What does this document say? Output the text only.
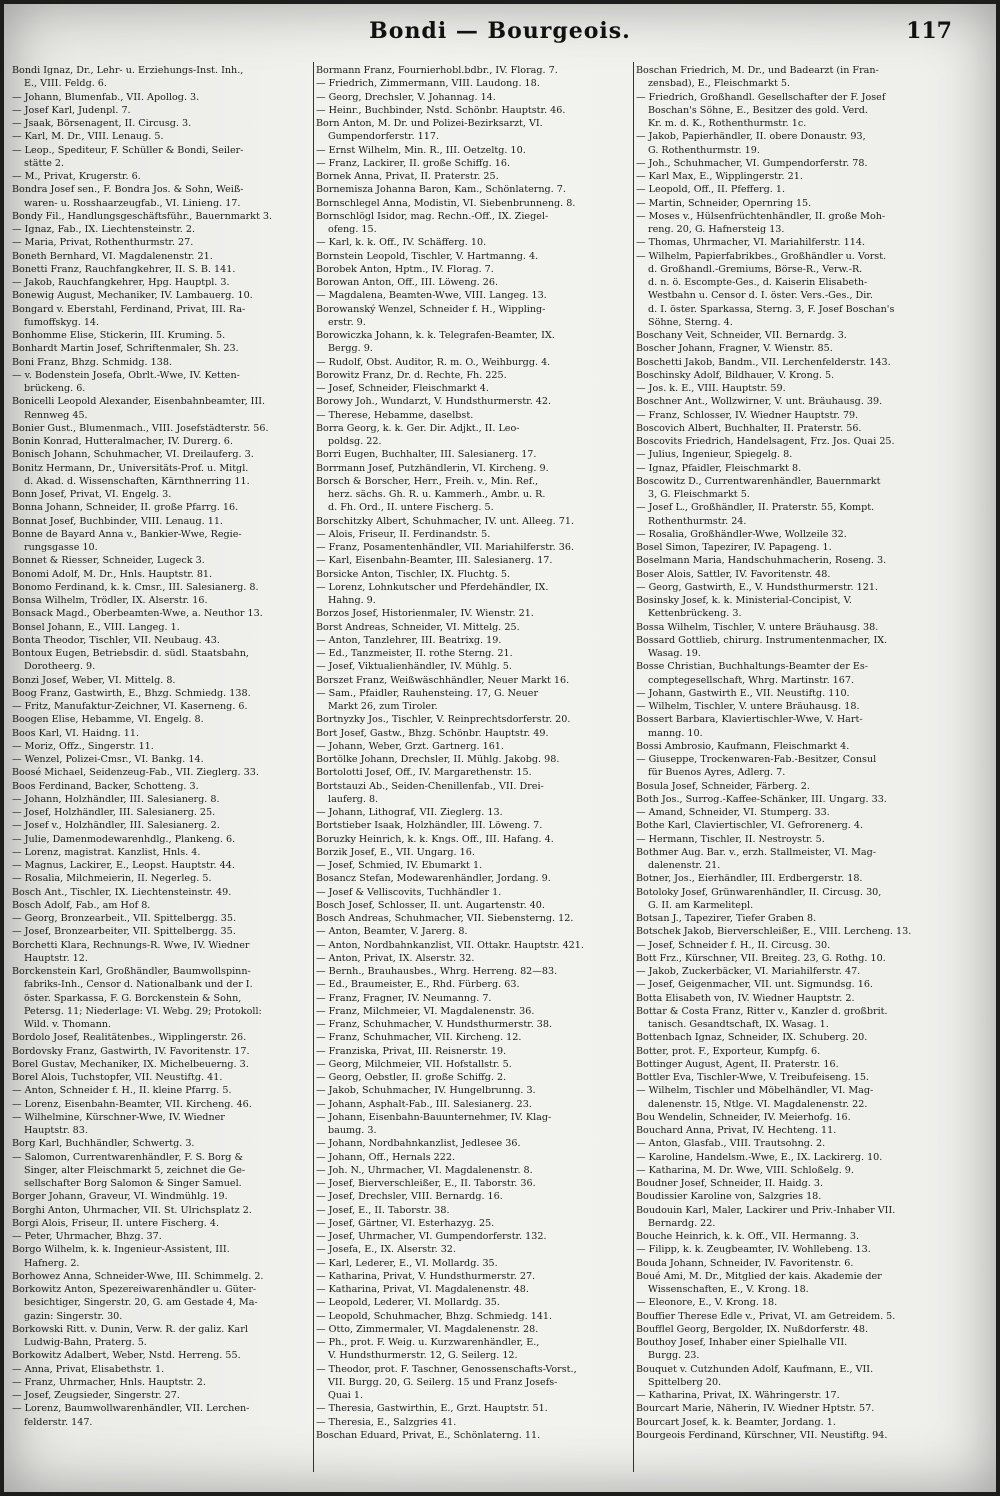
Bondi — Bourgeois.	117
Bondi Ignaz, Dr., Lehr- u. Erziehungs-Inst. Inh.,
E., VIII. Feldg. 6.
— Johann, Blumenfab., VII. Apollog. 3.
— Josef Karl, Judenpl. 7.
— Jsaak, Börsenagent, II. Circusg. 3.
— Karl, M. Dr., VIII. Lenaug. 5.
— Leop., Spediteur, F. Schüller & Bondi, Seiler-
stätte 2.
— M., Privat, Krugerstr. 6.
Bondra Josef sen., F. Bondra Jos. & Sohn, Weiß-
waren- u. Rosshaarzeugfab., VI. Linieng. 17.
Bondy Fil., Handlungsgeschäftsführ., Bauernmarkt 3.
— Ignaz, Fab., IX. Liechtensteinstr. 2.
— Maria, Privat, Rothenthurmstr. 27.
Boneth Bernhard, VI. Magdalenenstr. 21.
Bonetti Franz, Rauchfangkehrer, II. S. B. 141.
— Jakob, Rauchfangkehrer, Hpg. Hauptpl. 3.
Bonewig August, Mechaniker, IV. Lambauerg. 10.
Bongard v. Eberstahl, Ferdinand, Privat, III. Ra-
fumoffskyg. 14.
Bonhomme Elise, Stickerin, III. Kruming. 5.
Bonhardt Martin Josef, Schriftenmaler, Sh. 23.
Boni Franz, Bhzg. Schmidg. 138.
— v. Bodenstein Josefa, Obrlt.-Wwe, IV. Ketten-
brückeng. 6.
Bonicelli Leopold Alexander, Eisenbahnbeamter, III.
Rennweg 45.
Bonier Gust., Blumenmach., VIII. Josefstädterstr. 56.
Bonin Konrad, Hutteralmacher, IV. Durerg. 6.
Bonisch Johann, Schuhmacher, VI. Dreilauferg. 3.
Bonitz Hermann, Dr., Universitäts-Prof. u. Mitgl.
d. Akad. d. Wissenschaften, Kärnthnerring 11.
Bonn Josef, Privat, VI. Engelg. 3.
Bonna Johann, Schneider, II. große Pfarrg. 16.
Bonnat Josef, Buchbinder, VIII. Lenaug. 11.
Bonne de Bayard Anna v., Bankier-Wwe, Regie-
rungsgasse 10.
Bonnet & Riesser, Schneider, Lugeck 3.
Bonomi Adolf, M. Dr., Hnls. Hauptstr. 81.
Bonomo Ferdinand, k. k. Cmsr., III. Salesianerg. 8.
Bonsa Wilhelm, Trödler, IX. Alserstr. 16.
Bonsack Magd., Oberbeamten-Wwe, a. Neuthor 13.
Bonsel Johann, E., VIII. Langeg. 1.
Bonta Theodor, Tischler, VII. Neubaug. 43.
Bontoux Eugen, Betriebsdir. d. südl. Staatsbahn,
Dorotheerg. 9.
Bonzi Josef, Weber, VI. Mittelg. 8.
Boog Franz, Gastwirth, E., Bhzg. Schmiedg. 138.
— Fritz, Manufaktur-Zeichner, VI. Kaserneng. 6.
Boogen Elise, Hebamme, VI. Engelg. 8.
Boos Karl, VI. Haidng. 11.
— Moriz, Offz., Singerstr. 11.
— Wenzel, Polizei-Cmsr., VI. Bankg. 14.
Boosé Michael, Seidenzeug-Fab., VII. Zieglerg. 33.
Boos Ferdinand, Backer, Schotteng. 3.
— Johann, Holzhändler, III. Salesianerg. 8.
— Josef, Holzhändler, III. Salesianerg. 25.
— Josef v., Holzhändler, III. Salesianerg. 2.
— Julie, Damenmodewarenhdlg., Plankeng. 6.
— Lorenz, magistrat. Kanzlist, Hnls. 4.
— Magnus, Lackirer, E., Leopst. Hauptstr. 44.
— Rosalia, Milchmeierin, II. Negerleg. 5.
Bosch Ant., Tischler, IX. Liechtensteinstr. 49.
Bosch Adolf, Fab., am Hof 8.
— Georg, Bronzearbeit., VII. Spittelbergg. 35.
— Josef, Bronzearbeiter, VII. Spittelbergg. 35.
Borchetti Klara, Rechnungs-R. Wwe, IV. Wiedner
Hauptstr. 12.
Borckenstein Karl, Großhändler, Baumwollspinn-
fabriks-Inh., Censor d. Nationalbank und der I.
öster. Sparkassa, F. G. Borckenstein & Sohn,
Petersg. 11; Niederlage: VI. Webg. 29; Protokoll:
Wild. v. Thomann.
Bordolo Josef, Realitätenbes., Wipplingerstr. 26.
Bordovsky Franz, Gastwirth, IV. Favoritenstr. 17.
Borel Gustav, Mechaniker, IX. Michelbeuerng. 3.
Borel Alois, Tuchstopfer, VII. Neustiftg. 41.
— Anton, Schneider f. H., II. kleine Pfarrg. 5.
— Lorenz, Eisenbahn-Beamter, VII. Kircheng. 46.
— Wilhelmine, Kürschner-Wwe, IV. Wiedner
Hauptstr. 83.
Borg Karl, Buchhändler, Schwertg. 3.
— Salomon, Currentwarenhändler, F. S. Borg &
Singer, alter Fleischmarkt 5, zeichnet die Ge-
sellschafter Borg Salomon & Singer Samuel.
Borger Johann, Graveur, VI. Windmühlg. 19.
Borghi Anton, Uhrmacher, VII. St. Ulrichsplatz 2.
Borgi Alois, Friseur, II. untere Fischerg. 4.
— Peter, Uhrmacher, Bhzg. 37.
Borgo Wilhelm, k. k. Ingenieur-Assistent, III.
Hafnerg. 2.
Borhowez Anna, Schneider-Wwe, III. Schimmelg. 2.
Borkowitz Anton, Spezereiwarenhändler u. Güter-
besichtiger, Singerstr. 20, G. am Gestade 4, Ma-
gazin: Singerstr. 30.
Borkowski Ritt. v. Dunin, Verw. R. der galiz. Karl
Ludwig-Bahn, Praterg. 5.
Borkowitz Adalbert, Weber, Nstd. Herreng. 55.
— Anna, Privat, Elisabethstr. 1.
— Franz, Uhrmacher, Hnls. Hauptstr. 2.
— Josef, Zeugsieder, Singerstr. 27.
— Lorenz, Baumwollwarenhändler, VII. Lerchen-
felderstr. 147.
Bormann Franz, Fournierhobl.bdbr., IV. Florag. 7.
— Friedrich, Zimmermann, VIII. Laudong. 18.
— Georg, Drechsler, V. Johannag. 14.
— Heinr., Buchbinder, Nstd. Schönbr. Hauptstr. 46.
Born Anton, M. Dr. und Polizei-Bezirksarzt, VI.
Gumpendorferstr. 117.
— Ernst Wilhelm, Min. R., III. Oetzeltg. 10.
— Franz, Lackirer, II. große Schiffg. 16.
Bornek Anna, Privat, II. Praterstr. 25.
Bornemisza Johanna Baron, Kam., Schönlaterng. 7.
Bornschlegel Anna, Modistin, VI. Siebenbrunneng. 8.
Bornschlögl Isidor, mag. Rechn.-Off., IX. Ziegel-
ofeng. 15.
— Karl, k. k. Off., IV. Schäfferg. 10.
Bornstein Leopold, Tischler, V. Hartmanng. 4.
Borobek Anton, Hptm., IV. Florag. 7.
Borowan Anton, Off., III. Löweng. 26.
— Magdalena, Beamten-Wwe, VIII. Langeg. 13.
Borowanský Wenzel, Schneider f. H., Wippling-
erstr. 9.
Borowiczka Johann, k. k. Telegrafen-Beamter, IX.
Bergg. 9.
— Rudolf, Obst. Auditor, R. m. O., Weihburgg. 4.
Borowitz Franz, Dr. d. Rechte, Fh. 225.
— Josef, Schneider, Fleischmarkt 4.
Borowy Joh., Wundarzt, V. Hundsthurmerstr. 42.
— Therese, Hebamme, daselbst.
Borra Georg, k. k. Ger. Dir. Adjkt., II. Leo-
poldsg. 22.
Borri Eugen, Buchhalter, III. Salesianerg. 17.
Borrmann Josef, Putzhändlerin, VI. Kircheng. 9.
Borsch & Borscher, Herr., Freih. v., Min. Ref.,
herz. sächs. Gh. R. u. Kammerh., Ambr. u. R.
d. Fh. Ord., II. untere Fischerg. 5.
Borschitzky Albert, Schuhmacher, IV. unt. Alleeg. 71.
— Alois, Friseur, II. Ferdinandstr. 5.
— Franz, Posamentenhändler, VII. Mariahilferstr. 36.
— Karl, Eisenbahn-Beamter, III. Salesianerg. 17.
Borsicke Anton, Tischler, IX. Fluchtg. 5.
— Lorenz, Lohnkutscher und Pferdehändler, IX.
Hahng. 9.
Borzos Josef, Historienmaler, IV. Wienstr. 21.
Borst Andreas, Schneider, VI. Mittelg. 25.
— Anton, Tanzlehrer, III. Beatrixg. 19.
— Ed., Tanzmeister, II. rothe Sterng. 21.
— Josef, Viktualienhändler, IV. Mühlg. 5.
Borszet Franz, Weißwäschhändler, Neuer Markt 16.
— Sam., Pfaidler, Rauhensteing. 17, G. Neuer
Markt 26, zum Tiroler.
Bortnyzky Jos., Tischler, V. Reinprechtsdorferstr. 20.
Bort Josef, Gastw., Bhzg. Schönbr. Hauptstr. 49.
— Johann, Weber, Grzt. Gartnerg. 161.
Bortölke Johann, Drechsler, II. Mühlg. Jakobg. 98.
Bortolotti Josef, Off., IV. Margarethenstr. 15.
Bortstauzi Ab., Seiden-Chenillenfab., VII. Drei-
lauferg. 8.
— Johann, Lithograf, VII. Zieglerg. 13.
Bortstieber Isaak, Holzhändler, III. Löweng. 7.
Boruzky Heinrich, k. k. Kngs. Off., III. Hafang. 4.
Borzik Josef, E., VII. Ungarg. 16.
— Josef, Schmied, IV. Ebumarkt 1.
Bosancz Stefan, Modewarenhändler, Jordang. 9.
— Josef & Velliscovits, Tuchhändler 1.
Bosch Josef, Schlosser, II. unt. Augartenstr. 40.
Bosch Andreas, Schuhmacher, VII. Siebensterng. 12.
— Anton, Beamter, V. Jarerg. 8.
— Anton, Nordbahnkanzlist, VII. Ottakr. Hauptstr. 421.
— Anton, Privat, IX. Alserstr. 32.
— Bernh., Brauhausbes., Whrg. Herreng. 82—83.
— Ed., Braumeister, E., Rhd. Fürberg. 63.
— Franz, Fragner, IV. Neumanng. 7.
— Franz, Milchmeier, VI. Magdalenenstr. 36.
— Franz, Schuhmacher, V. Hundsthurmerstr. 38.
— Franz, Schuhmacher, VII. Kircheng. 12.
— Franziska, Privat, III. Reisnerstr. 19.
— Georg, Milchmeier, VII. Hofstallstr. 5.
— Georg, Oebstler, II. große Schiffg. 2.
— Jakob, Schuhmacher, IV. Hungelbrunng. 3.
— Johann, Asphalt-Fab., III. Salesianerg. 23.
— Johann, Eisenbahn-Bauunternehmer, IV. Klag-
baumg. 3.
— Johann, Nordbahnkanzlist, Jedlesee 36.
— Johann, Off., Hernals 222.
— Joh. N., Uhrmacher, VI. Magdalenenstr. 8.
— Josef, Bierverschleißer, E., II. Taborstr. 36.
— Josef, Drechsler, VIII. Bernardg. 16.
— Josef, E., II. Taborstr. 38.
— Josef, Gärtner, VI. Esterhazyg. 25.
— Josef, Uhrmacher, VI. Gumpendorferstr. 132.
— Josefa, E., IX. Alserstr. 32.
— Karl, Lederer, E., VI. Mollardg. 35.
— Katharina, Privat, V. Hundsthurmerstr. 27.
— Katharina, Privat, VI. Magdalenenstr. 48.
— Leopold, Lederer, VI. Mollardg. 35.
— Leopold, Schuhmacher, Bhzg. Schmiedg. 141.
— Otto, Zimmermaler, VI. Magdalenenstr. 28.
— Ph., prot. F. Weig. u. Kurzwarenhändler, E.,
V. Hundsthurmerstr. 12, G. Seilerg. 12.
— Theodor, prot. F. Taschner, Genossenschafts-Vorst.,
VII. Burgg. 20, G. Seilerg. 15 und Franz Josefs-
Quai 1.
— Theresia, Gastwirthin, E., Grzt. Hauptstr. 51.
— Theresia, E., Salzgries 41.
Boschan Eduard, Privat, E., Schönlaterng. 11.
Boschan Friedrich, M. Dr., und Badearzt (in Fran-
zensbad), E., Fleischmarkt 5.
— Friedrich, Großhandl. Gesellschafter der F. Josef
Boschan's Söhne, E., Besitzer des gold. Verd.
Kr. m. d. K., Rothenthurmstr. 1c.
— Jakob, Papierhändler, II. obere Donaustr. 93,
G. Rothenthurmstr. 19.
— Joh., Schuhmacher, VI. Gumpendorferstr. 78.
— Karl Max, E., Wipplingerstr. 21.
— Leopold, Off., II. Pfefferg. 1.
— Martin, Schneider, Opernring 15.
— Moses v., Hülsenfrüchtenhändler, II. große Moh-
reng. 20, G. Hafnersteig 13.
— Thomas, Uhrmacher, VI. Mariahilferstr. 114.
— Wilhelm, Papierfabrikbes., Großhändler u. Vorst.
d. Großhandl.-Gremiums, Börse-R., Verw.-R.
d. n. ö. Escompte-Ges., d. Kaiserin Elisabeth-
Westbahn u. Censor d. I. öster. Vers.-Ges., Dir.
d. I. öster. Sparkassa, Sterng. 3, F. Josef Boschan's
Söhne, Sterng. 4.
Boschany Veit, Schneider, VII. Bernardg. 3.
Boscher Johann, Fragner, V. Wienstr. 85.
Boschetti Jakob, Bandm., VII. Lerchenfelderstr. 143.
Boschinsky Adolf, Bildhauer, V. Krong. 5.
— Jos. k. E., VIII. Hauptstr. 59.
Boschner Ant., Wollzwirner, V. unt. Bräuhausg. 39.
— Franz, Schlosser, IV. Wiedner Hauptstr. 79.
Boscovich Albert, Buchhalter, II. Praterstr. 56.
Boscovits Friedrich, Handelsagent, Frz. Jos. Quai 25.
— Julius, Ingenieur, Spiegelg. 8.
— Ignaz, Pfaidler, Fleischmarkt 8.
Boscowitz D., Currentwarenhändler, Bauernmarkt
3, G. Fleischmarkt 5.
— Josef L., Großhändler, II. Praterstr. 55, Kompt.
Rothenthurmstr. 24.
— Rosalia, Großhändler-Wwe, Wollzeile 32.
Bosel Simon, Tapezirer, IV. Papageng. 1.
Boselmann Maria, Handschuhmacherin, Roseng. 3.
Boser Alois, Sattler, IV. Favoritenstr. 48.
— Georg, Gastwirth, E., V. Hundsthurmerstr. 121.
Bosinsky Josef, k. k. Ministerial-Concipist, V.
Kettenbrückeng. 3.
Bossa Wilhelm, Tischler, V. untere Bräuhausg. 38.
Bossard Gottlieb, chirurg. Instrumentenmacher, IX.
Wasag. 19.
Bosse Christian, Buchhaltungs-Beamter der Es-
comptegesellschaft, Whrg. Martinstr. 167.
— Johann, Gastwirth E., VII. Neustiftg. 110.
— Wilhelm, Tischler, V. untere Bräuhausg. 18.
Bossert Barbara, Klaviertischler-Wwe, V. Hart-
manng. 10.
Bossi Ambrosio, Kaufmann, Fleischmarkt 4.
— Giuseppe, Trockenwaren-Fab.-Besitzer, Consul
für Buenos Ayres, Adlerg. 7.
Bosula Josef, Schneider, Färberg. 2.
Both Jos., Surrog.-Kaffee-Schänker, III. Ungarg. 33.
— Amand, Schneider, VI. Stumperg. 33.
Bothe Karl, Claviertischler, VI. Gefrorenerg. 4.
— Hermann, Tischler, II. Nestroystr. 5.
Bothmer Aug. Bar. v., erzh. Stallmeister, VI. Mag-
dalenenstr. 21.
Botner, Jos., Eierhändler, III. Erdbergerstr. 18.
Botoloky Josef, Grünwarenhändler, II. Circusg. 30,
G. II. am Karmelitepl.
Botsan J., Tapezirer, Tiefer Graben 8.
Botschek Jakob, Bierverschleißer, E., VIII. Lercheng. 13.
— Josef, Schneider f. H., II. Circusg. 30.
Bott Frz., Kürschner, VII. Breiteg. 23, G. Rothg. 10.
— Jakob, Zuckerbäcker, VI. Mariahilferstr. 47.
— Josef, Geigenmacher, VII. unt. Sigmundsg. 16.
Botta Elisabeth von, IV. Wiedner Hauptstr. 2.
Bottar & Costa Franz, Ritter v., Kanzler d. großbrit.
tanisch. Gesandtschaft, IX. Wasag. 1.
Bottenbach Ignaz, Schneider, IX. Schuberg. 20.
Botter, prot. F., Exporteur, Kumpfg. 6.
Bottinger August, Agent, II. Praterstr. 16.
Bottler Eva, Tischler-Wwe, V. Treibufeiseng. 15.
— Wilhelm, Tischler und Möbelhändler, VI. Mag-
dalenenstr. 15, Ntlge. VI. Magdalenenstr. 22.
Bou Wendelin, Schneider, IV. Meierhofg. 16.
Bouchard Anna, Privat, IV. Hechteng. 11.
— Anton, Glasfab., VIII. Trautsohng. 2.
— Karoline, Handelsm.-Wwe, E., IX. Lackirerg. 10.
— Katharina, M. Dr. Wwe, VIII. Schloßelg. 9.
Boudner Josef, Schneider, II. Haidg. 3.
Boudissier Karoline von, Salzgries 18.
Boudouin Karl, Maler, Lackirer und Priv.-Inhaber VII.
Bernardg. 22.
Bouche Heinrich, k. k. Off., VII. Hermanng. 3.
— Filipp, k. k. Zeugbeamter, IV. Wohllebeng. 13.
Bouda Johann, Schneider, IV. Favoritenstr. 6.
Boué Ami, M. Dr., Mitglied der kais. Akademie der
Wissenschaften, E., V. Krong. 18.
— Eleonore, E., V. Krong. 18.
Bouffier Therese Edle v., Privat, VI. am Getreidem. 5.
Boufflel Georg, Bergolder, IX. Nußdorferstr. 48.
Bouthoy Josef, Inhaber einer Spielhalle VII.
Burgg. 23.
Bouquet v. Cutzhunden Adolf, Kaufmann, E., VII.
Spittelberg 20.
— Katharina, Privat, IX. Währingerstr. 17.
Bourcart Marie, Näherin, IV. Wiedner Hptstr. 57.
Bourcart Josef, k. k. Beamter, Jordang. 1.
Bourgeois Ferdinand, Kürschner, VII. Neustiftg. 94.
